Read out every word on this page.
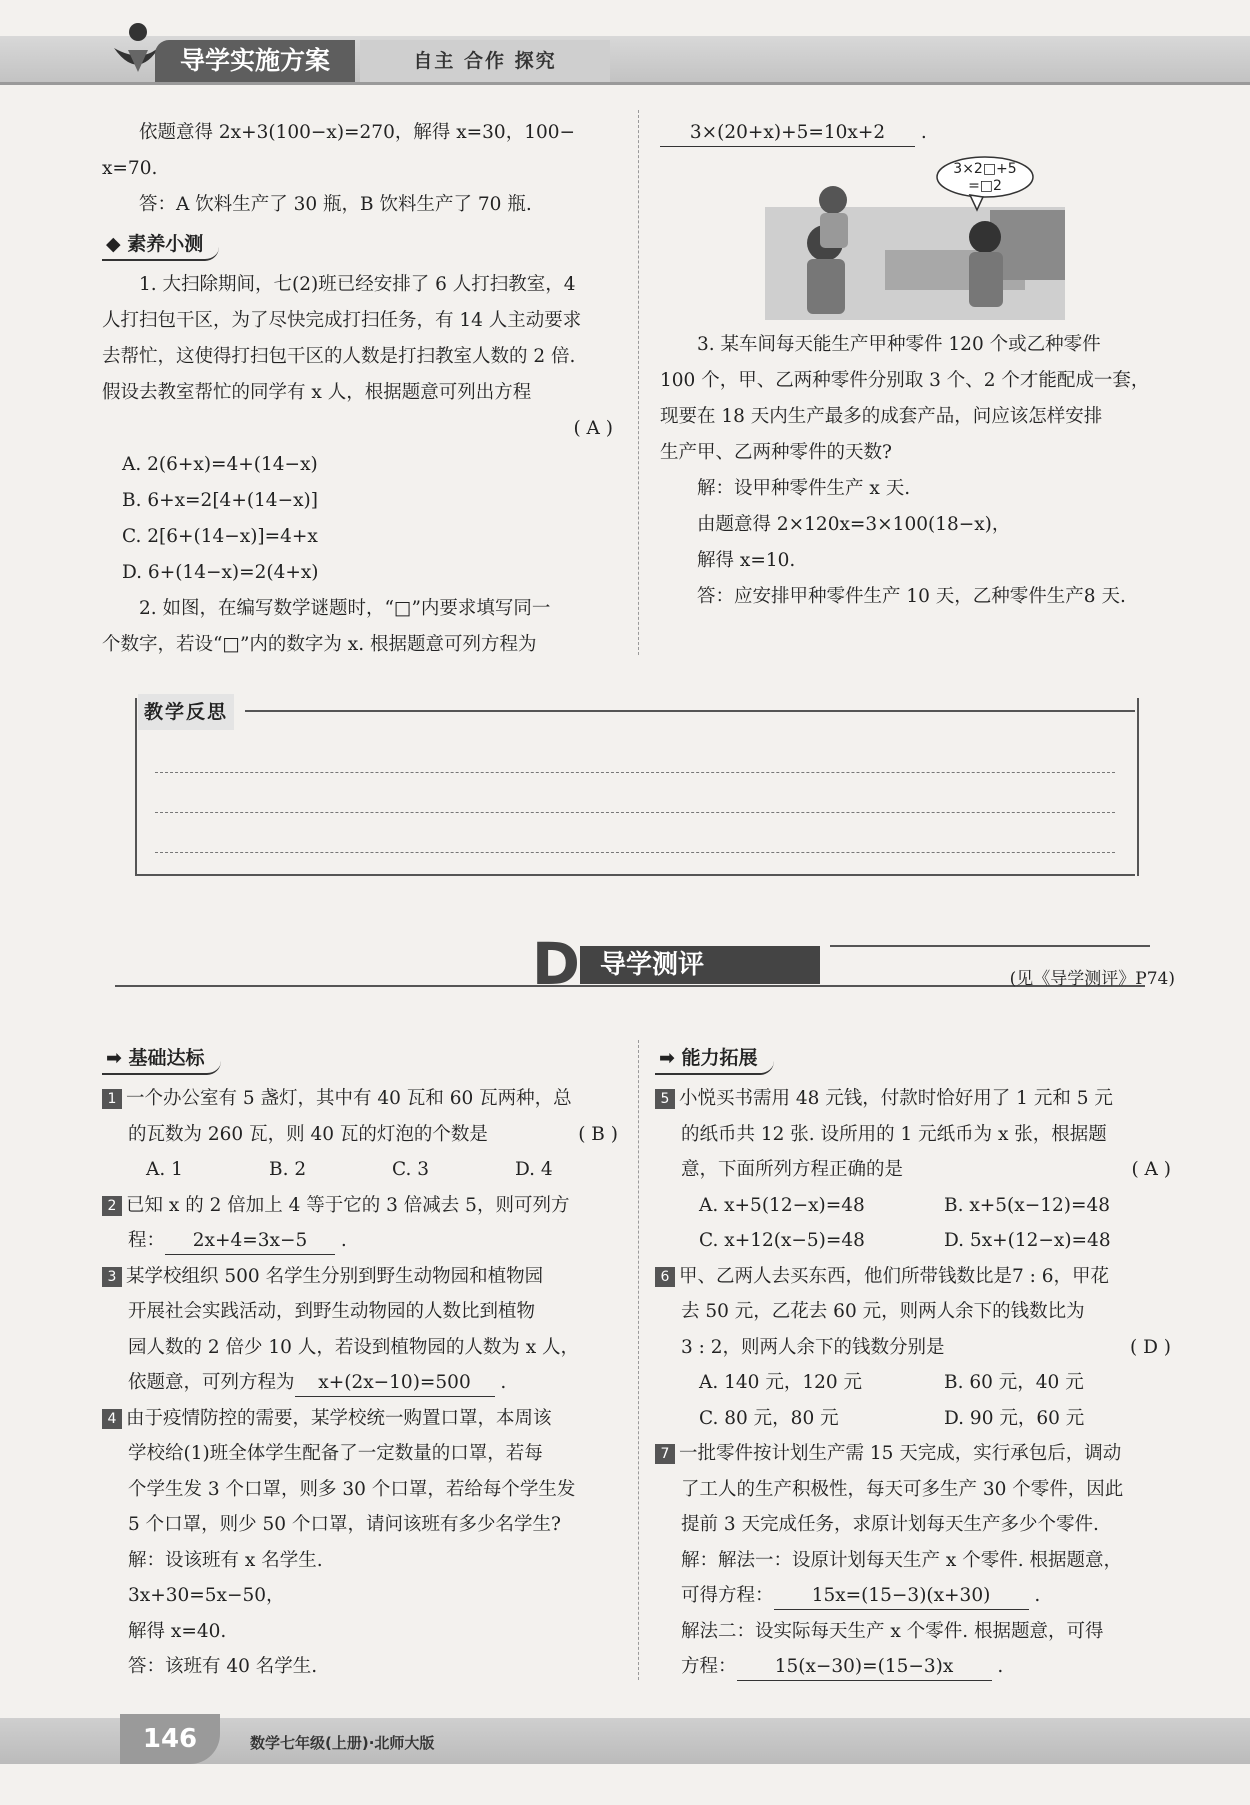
导学实施方案	自主 合作 探究

依题意得 2x+3(100−x)=270，解得 x=30，100−

x=70.

答：A 饮料生产了 30 瓶，B 饮料生产了 70 瓶.

◆ 素养小测

1. 大扫除期间，七(2)班已经安排了 6 人打扫教室，4

人打扫包干区，为了尽快完成打扫任务，有 14 人主动要求

去帮忙，这使得打扫包干区的人数是打扫教室人数的 2 倍.

假设去教室帮忙的同学有 x 人，根据题意可列出方程

( A )

A. 2(6+x)=4+(14−x)

B. 6+x=2[4+(14−x)]

C. 2[6+(14−x)]=4+x

D. 6+(14−x)=2(4+x)

2. 如图，在编写数学谜题时，“□”内要求填写同一

个数字，若设“□”内的数字为 x. 根据题意可列方程为

3×(20+x)+5=10x+2 .

3×2□+5
=□2

3. 某车间每天能生产甲种零件 120 个或乙种零件

100 个，甲、乙两种零件分别取 3 个、2 个才能配成一套，

现要在 18 天内生产最多的成套产品，问应该怎样安排

生产甲、乙两种零件的天数?

解：设甲种零件生产 x 天.

由题意得 2×120x=3×100(18−x)，

解得 x=10.

答：应安排甲种零件生产 10 天，乙种零件生产8 天.

教学反思
D 导学测评	(见《导学测评》P74)
➡ 基础达标

1 一个办公室有 5 盏灯，其中有 40 瓦和 60 瓦两种，总

的瓦数为 260 瓦，则 40 瓦的灯泡的个数是	( B )

A. 1	B. 2	C. 3	D. 4

2 已知 x 的 2 倍加上 4 等于它的 3 倍减去 5，则可列方

程： 2x+4=3x−5 .

3 某学校组织 500 名学生分别到野生动物园和植物园

开展社会实践活动，到野生动物园的人数比到植物

园人数的 2 倍少 10 人，若设到植物园的人数为 x 人，

依题意，可列方程为 x+(2x−10)=500 .

4 由于疫情防控的需要，某学校统一购置口罩，本周该

学校给(1)班全体学生配备了一定数量的口罩，若每

个学生发 3 个口罩，则多 30 个口罩，若给每个学生发

5 个口罩，则少 50 个口罩，请问该班有多少名学生?

解：设该班有 x 名学生.

3x+30=5x−50，

解得 x=40.

答：该班有 40 名学生.

➡ 能力拓展

5 小悦买书需用 48 元钱，付款时恰好用了 1 元和 5 元

的纸币共 12 张. 设所用的 1 元纸币为 x 张，根据题

意，下面所列方程正确的是	( A )

A. x+5(12−x)=48	B. x+5(x−12)=48

C. x+12(x−5)=48	D. 5x+(12−x)=48

6 甲、乙两人去买东西，他们所带钱数比是7 : 6，甲花

去 50 元，乙花去 60 元，则两人余下的钱数比为

3 : 2，则两人余下的钱数分别是	( D )

A. 140 元，120 元	B. 60 元，40 元

C. 80 元，80 元	D. 90 元，60 元

7 一批零件按计划生产需 15 天完成，实行承包后，调动

了工人的生产积极性，每天可多生产 30 个零件，因此

提前 3 天完成任务，求原计划每天生产多少个零件.

解：解法一：设原计划每天生产 x 个零件. 根据题意，

可得方程： 15x=(15−3)(x+30) .

解法二：设实际每天生产 x 个零件. 根据题意，可得

方程： 15(x−30)=(15−3)x .

146	数学七年级(上册)·北师大版
